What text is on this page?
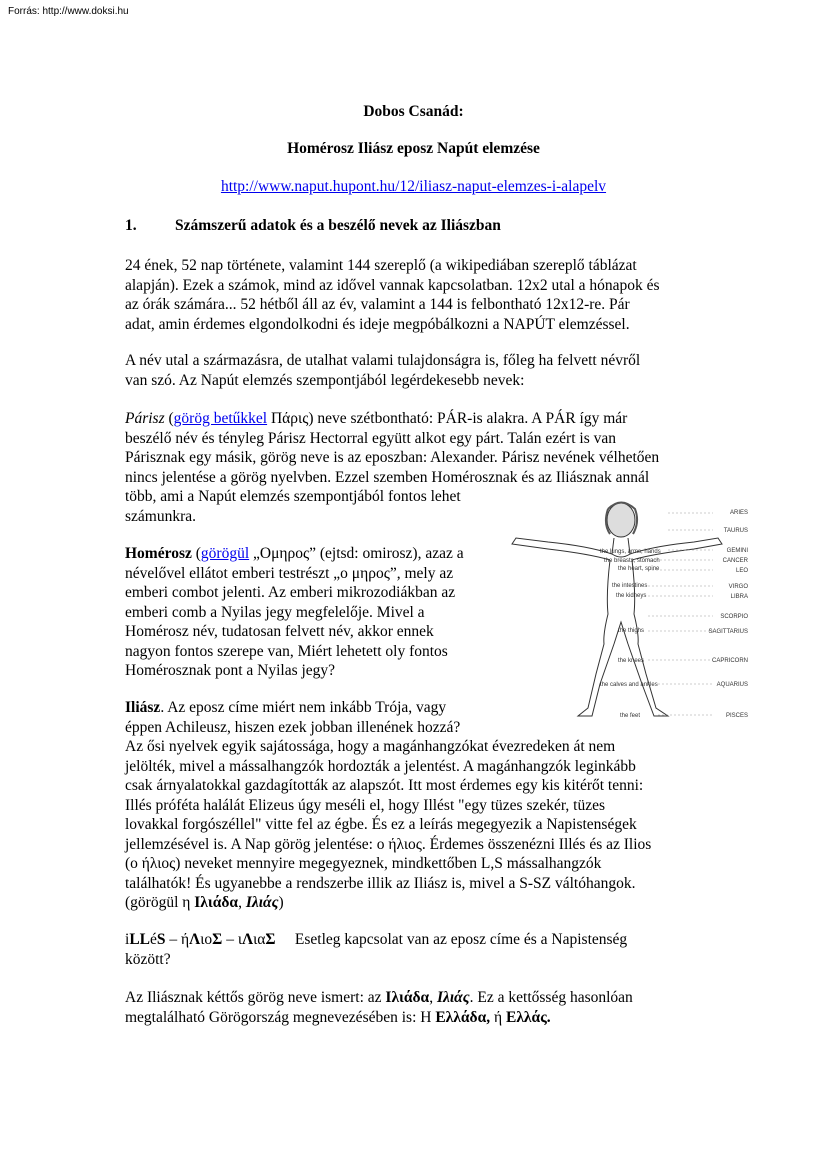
Forrás: http://www.doksi.hu
Dobos Csanád:
Homérosz Iliász eposz Napút elemzése
http://www.naput.hupont.hu/12/iliasz-naput-elemzes-i-alapelv
1. Számszerű adatok és a beszélő nevek az Iliászban
24 ének, 52 nap története, valamint 144 szereplő (a wikipediában szereplő táblázat
alapján). Ezek a számok, mind az idővel vannak kapcsolatban. 12x2 utal a hónapok és
az órák számára... 52 hétből áll az év, valamint a 144 is felbontható 12x12-re. Pár
adat, amin érdemes elgondolkodni és ideje megpóbálkozni a NAPÚT elemzéssel.
A név utal a származásra, de utalhat valami tulajdonságra is, főleg ha felvett névről
van szó. Az Napút elemzés szempontjából legérdekesebb nevek:
Párisz (görög betűkkel Πάρις) neve szétbontható: PÁR-is alakra. A PÁR így már
beszélő név és tényleg Párisz Hectorral együtt alkot egy párt. Talán ezért is van
Párisznak egy másik, görög neve is az eposzban: Alexander. Párisz nevének vélhetően
nincs jelentése a görög nyelvben. Ezzel szemben Homérosznak és az Iliásznak annál
több, ami a Napút elemzés szempontjából fontos lehet
számunkra.
Homérosz (görögül „Ομηρος” (ejtsd: omirosz), azaz a
névelővel ellátot emberi testrészt „ο μηρος”, mely az
emberi combot jelenti. Az emberi mikrozodiákban az
emberi comb a Nyilas jegy megfelelője. Mivel a
Homérosz név, tudatosan felvett név, akkor ennek
nagyon fontos szerepe van, Miért lehetett oly fontos
Homérosznak pont a Nyilas jegy?
Iliász. Az eposz címe miért nem inkább Trója, vagy
éppen Achileusz, hiszen ezek jobban illenének hozzá?
Az ősi nyelvek egyik sajátossága, hogy a magánhangzókat évezredeken át nem
jelölték, mivel a mássalhangzók hordozták a jelentést. A magánhangzók leginkább
csak árnyalatokkal gazdagították az alapszót. Itt most érdemes egy kis kitérőt tenni:
Illés próféta halálát Elizeus úgy meséli el, hogy Illést "egy tüzes szekér, tüzes
lovakkal forgószéllel" vitte fel az égbe. És ez a leírás megegyezik a Napistenségek
jellemzésével is. A Nap görög jelentése: ο ήλιος. Érdemes összenézni Illés és az Ilios
(ο ήλιος) neveket mennyire megegyeznek, mindkettőben L,S mássalhangzók
találhatók! És ugyanebbe a rendszerbe illik az Iliász is, mivel a S-SZ váltóhangok.
(görögül η Ιλιάδα, Ιλιάς)
iLLéS – ήΛιοΣ – ιΛιαΣ     Esetleg kapcsolat van az eposz címe és a Napistenség
között?
Az Iliásznak kéttős görög neve ismert: az Ιλιάδα, Ιλιάς. Ez a kettősség hasonlóan
megtalálható Görögország megnevezésében is: Η Ελλάδα, ή Ελλάς.
ARIES
TAURUS
GEMINI
CANCER
LEO
VIRGO
LIBRA
SCORPIO
SAGITTARIUS
CAPRICORN
AQUARIUS
PISCES
the lungs, arms, hands
the breasts, stomach
the heart, spine
the intestines
the kidneys
the thighs
the knees
the calves and ankles
the feet
